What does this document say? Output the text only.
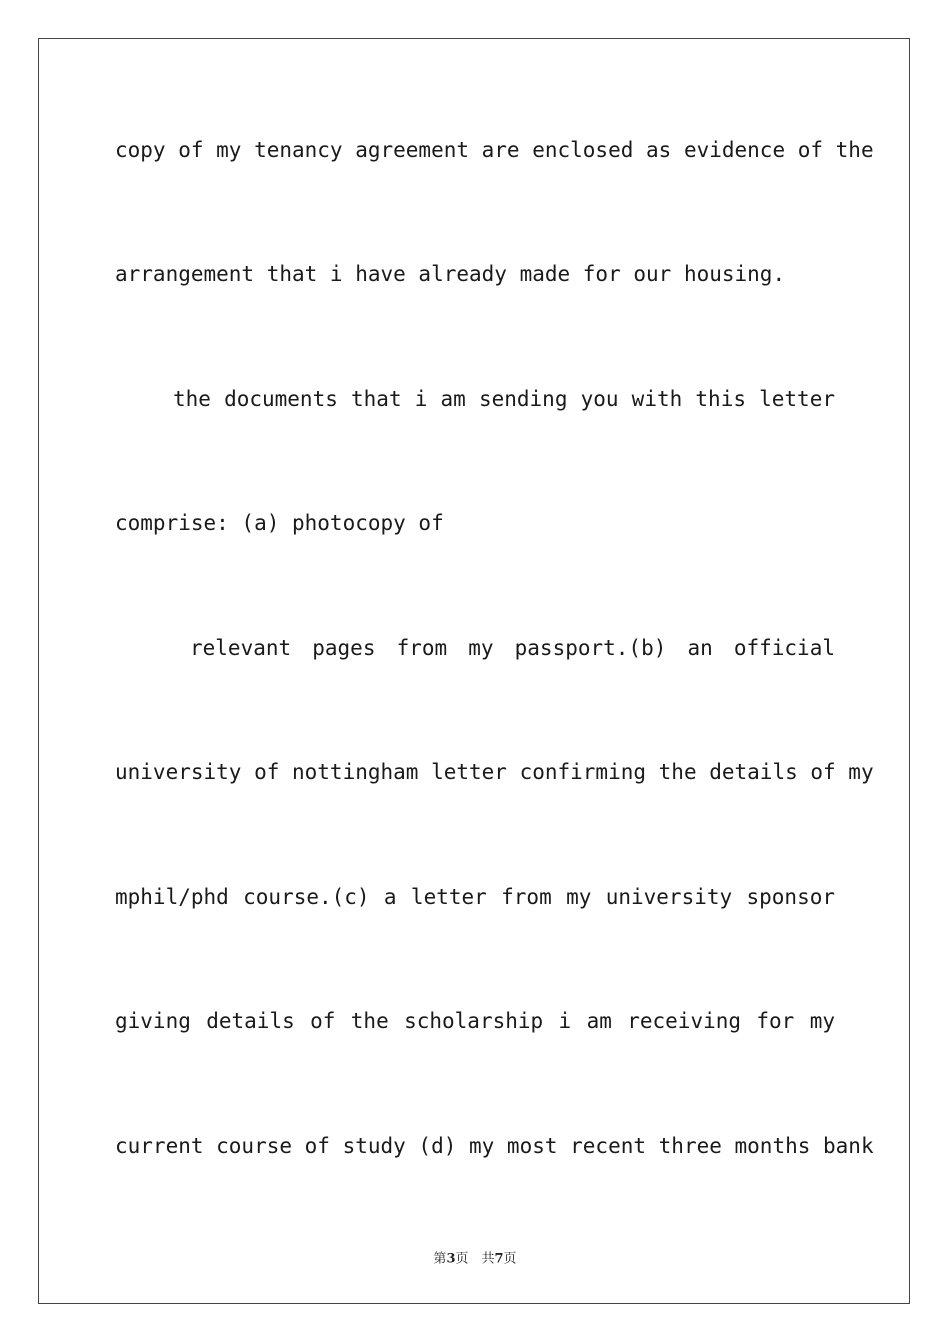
copy of my tenancy agreement are enclosed as evidence of the
arrangement that i have already made for our housing.
the documents that i am sending you with this letter
comprise: (a) photocopy of
relevant pages from my passport.(b) an official
university of nottingham letter confirming the details of my
mphil/phd course.(c) a letter from my university sponsor
giving details of the scholarship i am receiving for my
current course of study (d) my most recent three months bank
第3页　共7页
